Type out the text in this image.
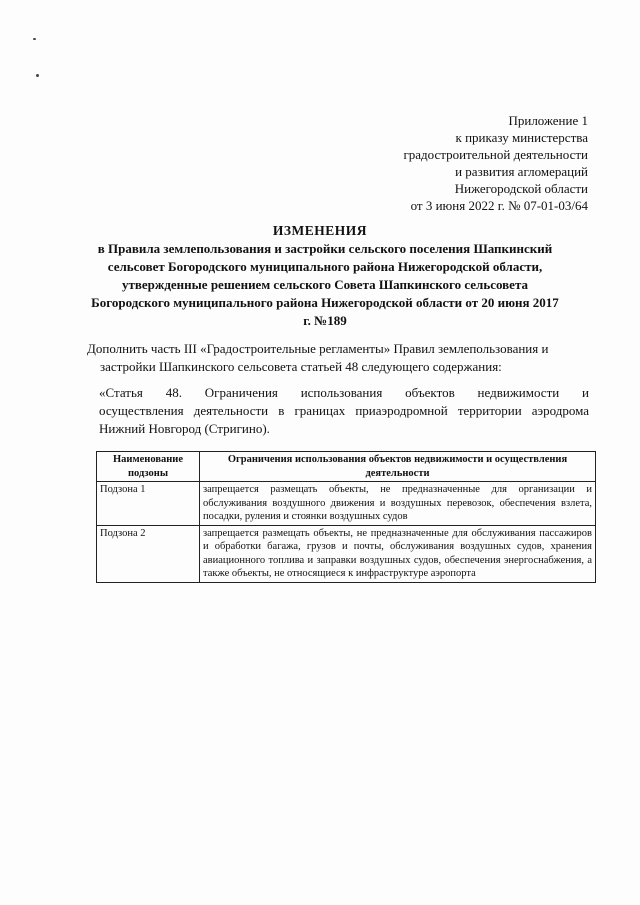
Приложение 1
к приказу министерства
градостроительной деятельности
и развития агломераций
Нижегородской области
от 3 июня 2022 г. № 07-01-03/64
ИЗМЕНЕНИЯ
в Правила землепользования и застройки сельского поселения Шапкинский
сельсовет Богородского муниципального района Нижегородской области,
утвержденные решением сельского Совета Шапкинского сельсовета
Богородского муниципального района Нижегородской области от 20 июня 2017
г. №189
Дополнить часть III «Градостроительные регламенты» Правил землепользования и
застройки Шапкинского сельсовета статьей 48 следующего содержания:
«Статья 48. Ограничения использования объектов недвижимости и
осуществления деятельности в границах приаэродромной территории аэродрома
Нижний Новгород (Стригино).
Наименование подзоны	Ограничения использования объектов недвижимости и осуществления деятельности
Подзона 1	запрещается размещать объекты, не предназначенные для организации и обслуживания воздушного движения и воздушных перевозок, обеспечения взлета, посадки, руления и стоянки воздушных судов
Подзона 2	запрещается размещать объекты, не предназначенные для обслуживания пассажиров и обработки багажа, грузов и почты, обслуживания воздушных судов, хранения авиационного топлива и заправки воздушных судов, обеспечения энергоснабжения, а также объекты, не относящиеся к инфраструктуре аэропорта
